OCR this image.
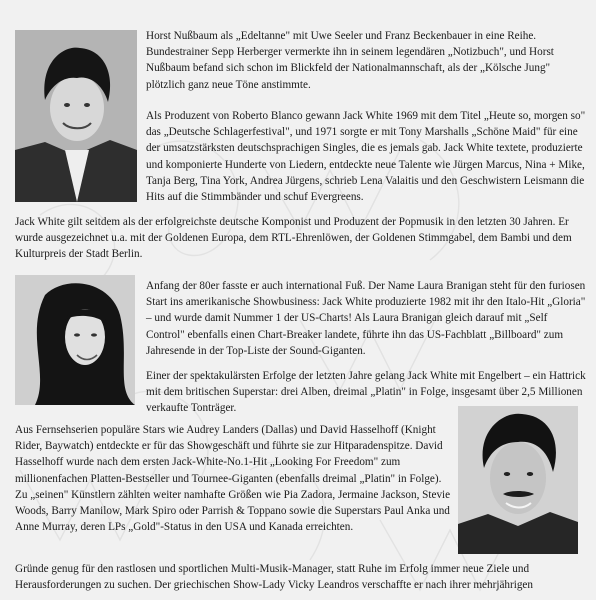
Horst Nußbaum als „Edeltanne" mit Uwe Seeler und Franz Beckenbauer in eine Reihe. Bundestrainer Sepp Herberger vermerkte ihn in seinem legendären „Notizbuch", und Horst Nußbaum befand sich schon im Blickfeld der Nationalmannschaft, als der „Kölsche Jung" plötzlich ganz neue Töne anstimmte.

Als Produzent von Roberto Blanco gewann Jack White 1969 mit dem Titel „Heute so, morgen so" das „Deutsche Schlagerfestival", und 1971 sorgte er mit Tony Marshalls „Schöne Maid" für eine der umsatzstärksten deutschsprachigen Singles, die es jemals gab. Jack White textete, produzierte und komponierte Hunderte von Liedern, entdeckte neue Talente wie Jürgen Marcus, Nina + Mike, Tanja Berg, Tina York, Andrea Jürgens, schrieb Lena Valaitis und den Geschwistern Leismann die Hits auf die Stimmbänder und schuf Evergreens.

Jack White gilt seitdem als der erfolgreichste deutsche Komponist und Produzent der Popmusik in den letzten 30 Jahren. Er wurde ausgezeichnet u.a. mit der Goldenen Europa, dem RTL-Ehrenlöwen, der Goldenen Stimmgabel, dem Bambi und dem Kulturpreis der Stadt Berlin.

Anfang der 80er fasste er auch international Fuß. Der Name Laura Branigan steht für den furiosen Start ins amerikanische Showbusiness: Jack White produzierte 1982 mit ihr den Italo-Hit „Gloria" – und wurde damit Nummer 1 der US-Charts! Als Laura Branigan gleich darauf mit „Self Control" ebenfalls einen Chart-Breaker landete, führte ihn das US-Fachblatt „Billboard" zum Jahresende in der Top-Liste der Sound-Giganten.

Einer der spektakulärsten Erfolge der letzten Jahre gelang Jack White mit Engelbert – ein Hattrick mit dem britischen Superstar: drei Alben, dreimal „Platin" in Folge, insgesamt über 2,5 Millionen verkaufte Tonträger.

Aus Fernsehserien populäre Stars wie Audrey Landers (Dallas) und David Hasselhoff (Knight Rider, Baywatch) entdeckte er für das Showgeschäft und führte sie zur Hitparadenspitze. David Hasselhoff wurde nach dem ersten Jack-White-No.1-Hit „Looking For Freedom" zum millionenfachen Platten-Bestseller und Tournee-Giganten (ebenfalls dreimal „Platin" in Folge). Zu „seinen" Künstlern zählten weiter namhafte Größen wie Pia Zadora, Jermaine Jackson, Stevie Woods, Barry Manilow, Mark Spiro oder Parrish & Toppano sowie die Superstars Paul Anka und Anne Murray, deren LPs „Gold"-Status in den USA und Kanada erreichten.

Gründe genug für den rastlosen und sportlichen Multi-Musik-Manager, statt Ruhe im Erfolg immer neue Ziele und Herausforderungen zu suchen. Der griechischen Show-Lady Vicky Leandros verschaffte er nach ihrer mehrjährigen
